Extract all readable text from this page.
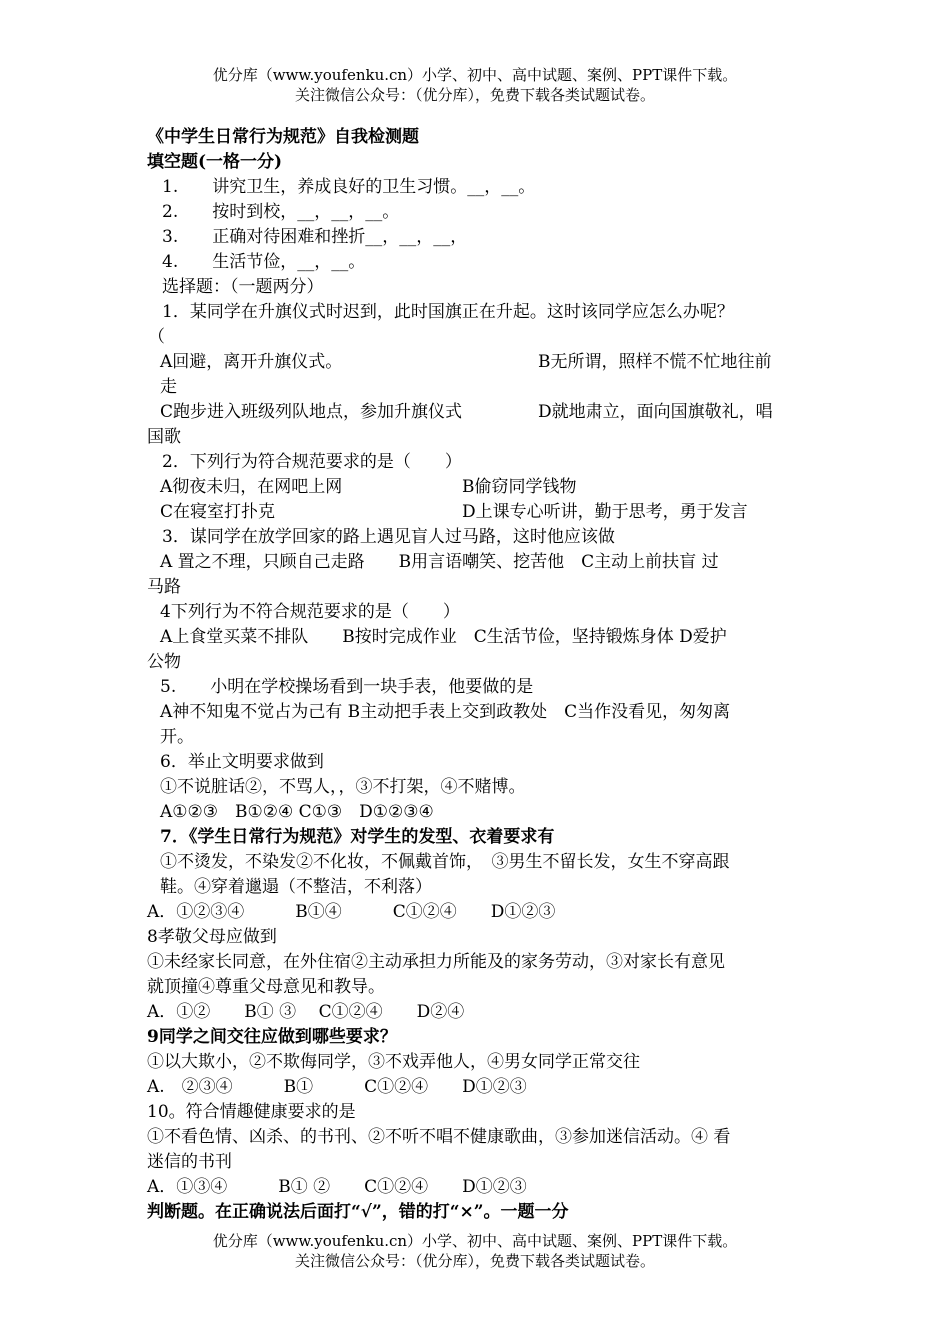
优分库（www.youfenku.cn）小学、初中、高中试题、案例、PPT课件下载。
关注微信公众号：（优分库），免费下载各类试题试卷。
《中学生日常行为规范》自我检测题
填空题(一格一分)
1.　　讲究卫生，养成良好的卫生习惯。__，__。
2.　　按时到校，__，__，__。
3.　　正确对待困难和挫折__，__，__，
4.　　生活节俭，__，__。
选择题：（一题两分）
1．某同学在升旗仪式时迟到，此时国旗正在升起。这时该同学应怎么办呢？
（
A回避，离开升旗仪式。	B无所谓，照样不慌不忙地往前
走
C跑步进入班级列队地点，参加升旗仪式	D就地肃立，面向国旗敬礼，唱
国歌
2．下列行为符合规范要求的是（　　）
A彻夜未归，在网吧上网	B偷窃同学钱物
C在寝室打扑克	D上课专心听讲，勤于思考，勇于发言
3．谋同学在放学回家的路上遇见盲人过马路，这时他应该做
A 置之不理，只顾自己走路　　B用言语嘲笑、挖苦他　C主动上前扶盲 过
马路
4下列行为不符合规范要求的是（　　）
A上食堂买菜不排队　　B按时完成作业　C生活节俭，坚持锻炼身体 D爱护
公物
5.　　小明在学校操场看到一块手表，他要做的是
A神不知鬼不觉占为己有 B主动把手表上交到政教处　C当作没看见，匆匆离
开。
6．举止文明要求做到
①不说脏话②，不骂人，，③不打架，④不赌博。
A①②③　B①②④ C①③　D①②③④
7．《学生日常行为规范》对学生的发型、衣着要求有
①不烫发，不染发②不化妆，不佩戴首饰，　③男生不留长发，女生不穿高跟
鞋。④穿着邋遢（不整洁，不利落）
A．①②③④　　　B①④　　　C①②④　　D①②③
8孝敬父母应做到
①未经家长同意，在外住宿②主动承担力所能及的家务劳动，③对家长有意见
就顶撞④尊重父母意见和教导。
A．①②　　B① ③　 C①②④　　D②④
9同学之间交往应做到哪些要求？
①以大欺小，②不欺侮同学，③不戏弄他人，④男女同学正常交往
A.　②③④　　　B①　　　C①②④　　D①②③
10。符合情趣健康要求的是
①不看色情、凶杀、的书刊、②不听不唱不健康歌曲，③参加迷信活动。④ 看
迷信的书刊
A．①③④　　　B① ②　　C①②④　　D①②③
判断题。在正确说法后面打“√”，错的打“×”。一题一分
优分库（www.youfenku.cn）小学、初中、高中试题、案例、PPT课件下载。
关注微信公众号：（优分库），免费下载各类试题试卷。
